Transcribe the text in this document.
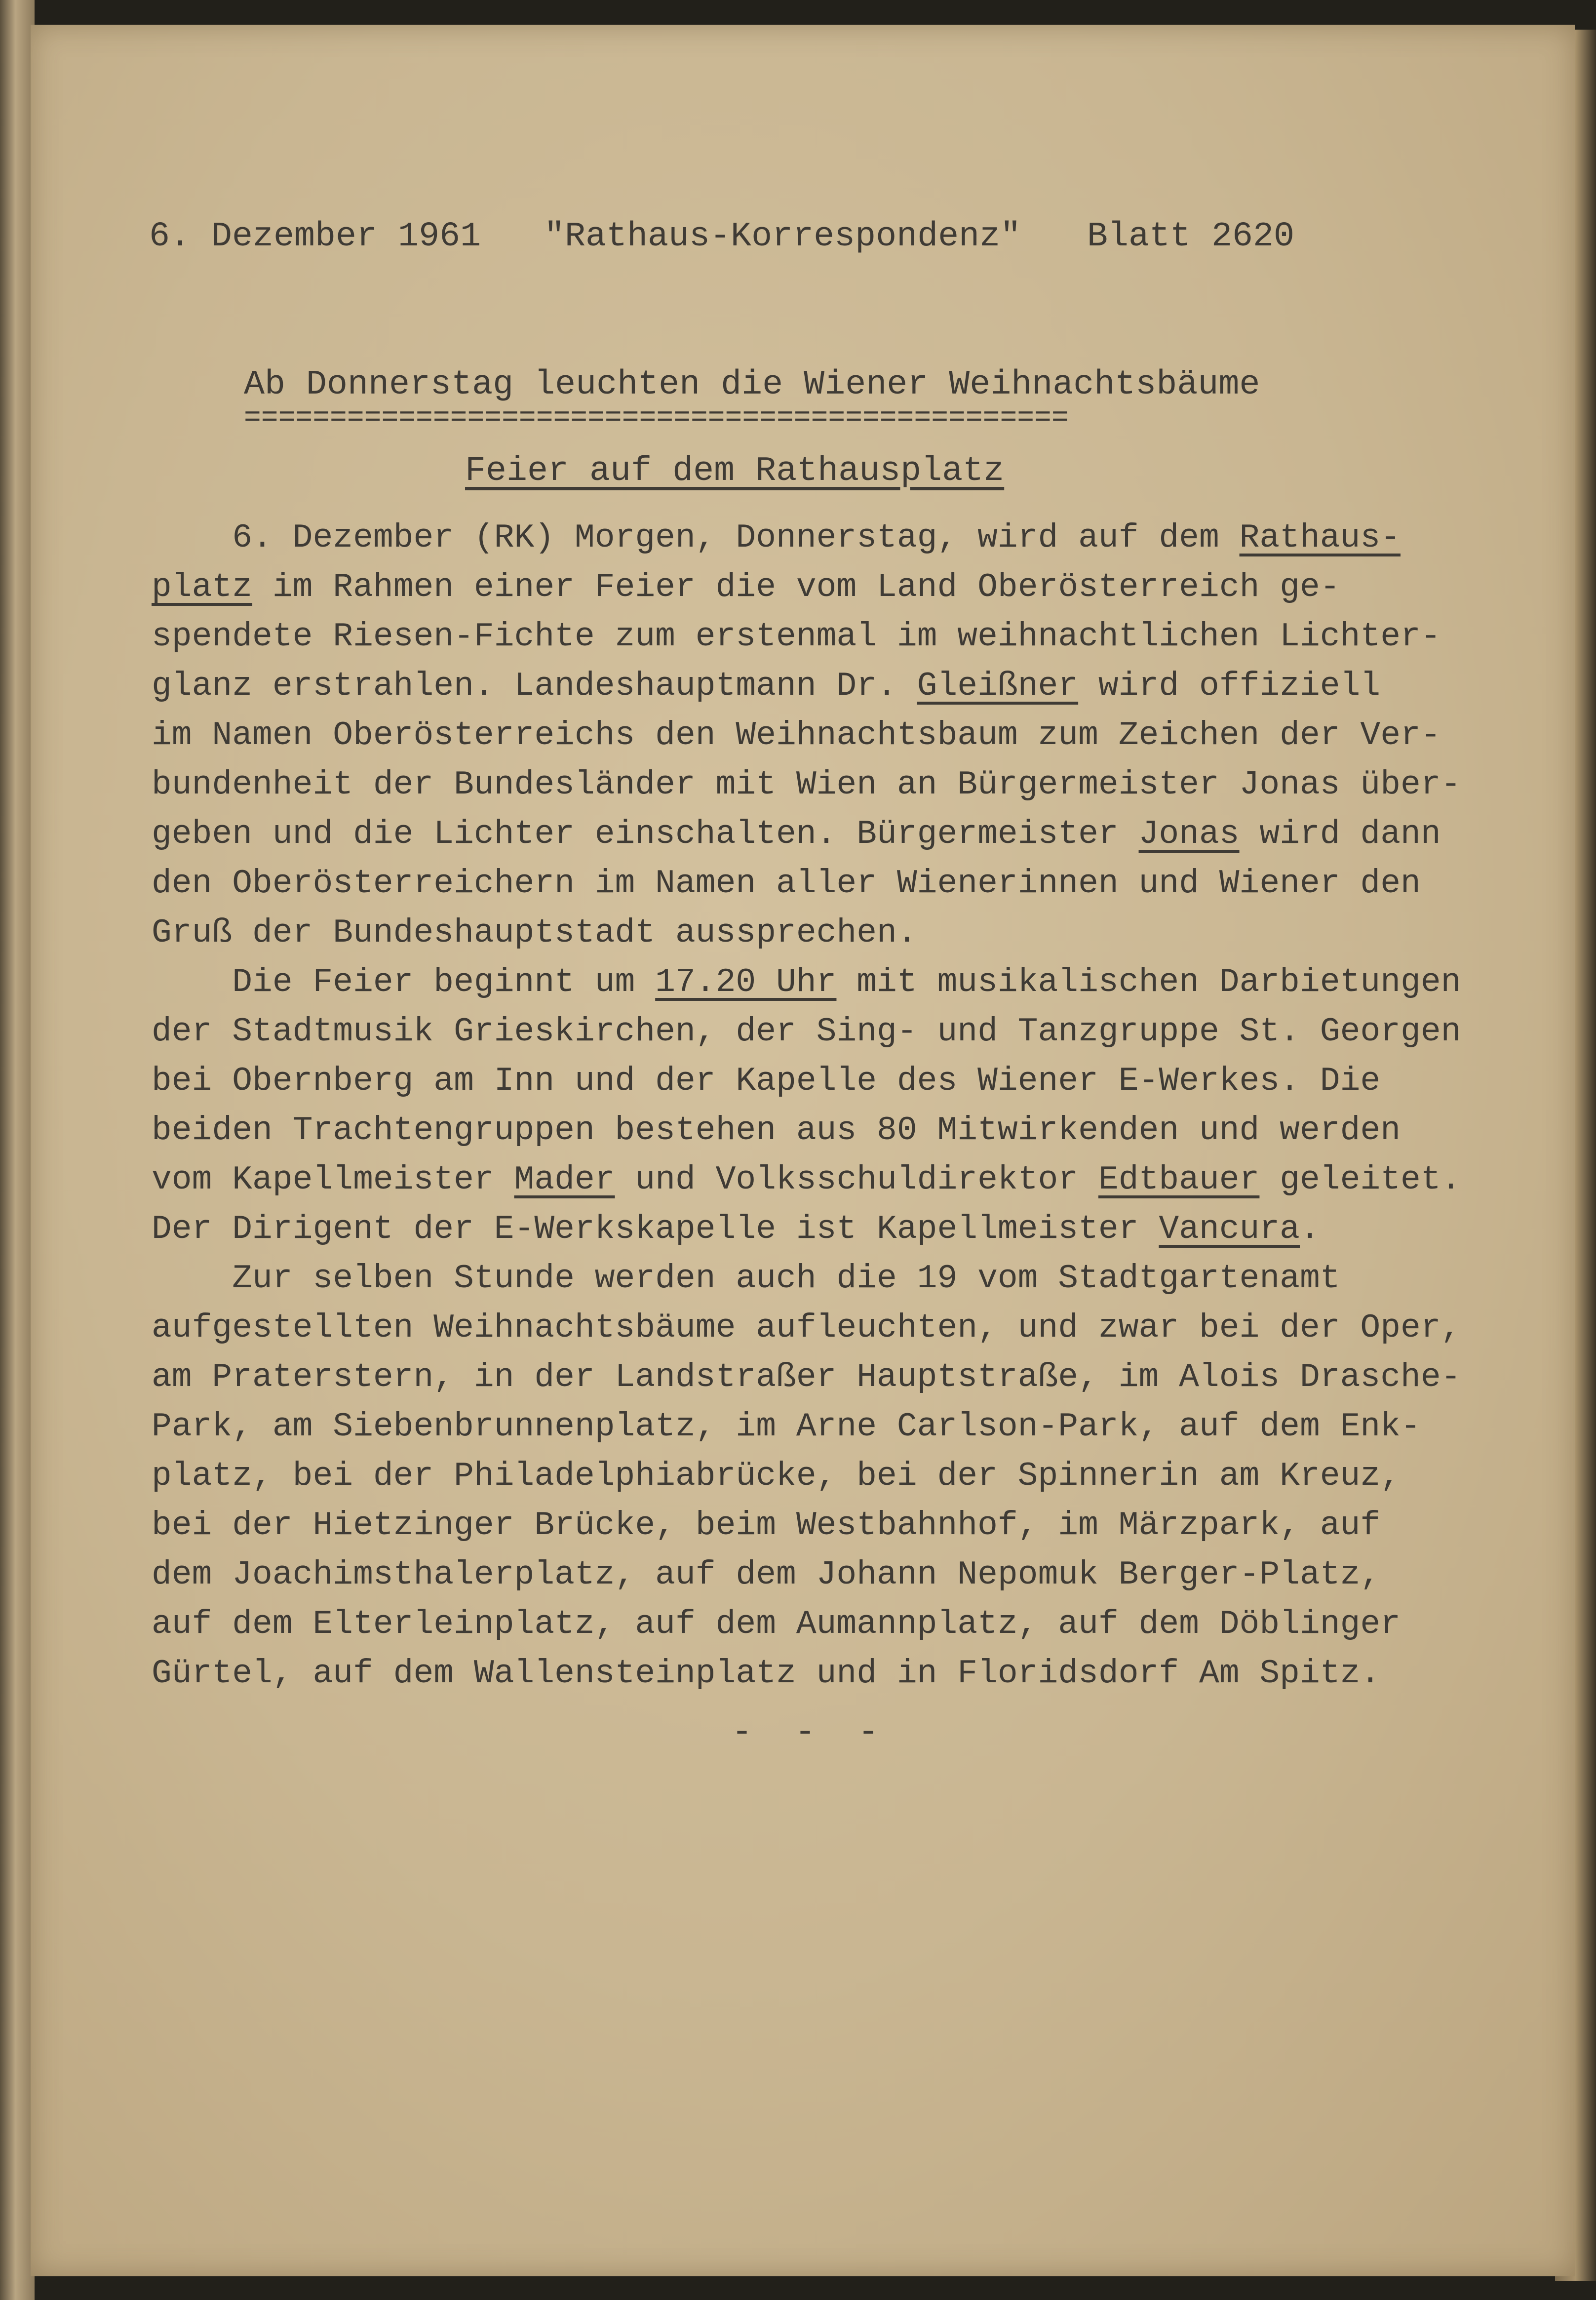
6. Dezember 1961

"Rathaus-Korrespondenz"

Blatt 2620

Ab Donnerstag leuchten die Wiener Weihnachtsbäume
================================================
Feier auf dem Rathausplatz
6. Dezember (RK) Morgen, Donnerstag, wird auf dem Rathaus-
platz im Rahmen einer Feier die vom Land Oberösterreich ge-
spendete Riesen-Fichte zum erstenmal im weihnachtlichen Lichter-
glanz erstrahlen. Landeshauptmann Dr. Gleißner wird offiziell
im Namen Oberösterreichs den Weihnachtsbaum zum Zeichen der Ver-
bundenheit der Bundesländer mit Wien an Bürgermeister Jonas über-
geben und die Lichter einschalten. Bürgermeister Jonas wird dann
den Oberösterreichern im Namen aller Wienerinnen und Wiener den
Gruß der Bundeshauptstadt aussprechen.
Die Feier beginnt um 17.20 Uhr mit musikalischen Darbietungen
der Stadtmusik Grieskirchen, der Sing- und Tanzgruppe St. Georgen
bei Obernberg am Inn und der Kapelle des Wiener E-Werkes. Die
beiden Trachtengruppen bestehen aus 80 Mitwirkenden und werden
vom Kapellmeister Mader und Volksschuldirektor Edtbauer geleitet.
Der Dirigent der E-Werkskapelle ist Kapellmeister Vancura.
Zur selben Stunde werden auch die 19 vom Stadtgartenamt
aufgestellten Weihnachtsbäume aufleuchten, und zwar bei der Oper,
am Praterstern, in der Landstraßer Hauptstraße, im Alois Drasche-
Park, am Siebenbrunnenplatz, im Arne Carlson-Park, auf dem Enk-
platz, bei der Philadelphiabrücke, bei der Spinnerin am Kreuz,
bei der Hietzinger Brücke, beim Westbahnhof, im Märzpark, auf
dem Joachimsthalerplatz, auf dem Johann Nepomuk Berger-Platz,
auf dem Elterleinplatz, auf dem Aumannplatz, auf dem Döblinger
Gürtel, auf dem Wallensteinplatz und in Floridsdorf Am Spitz.
- - -
